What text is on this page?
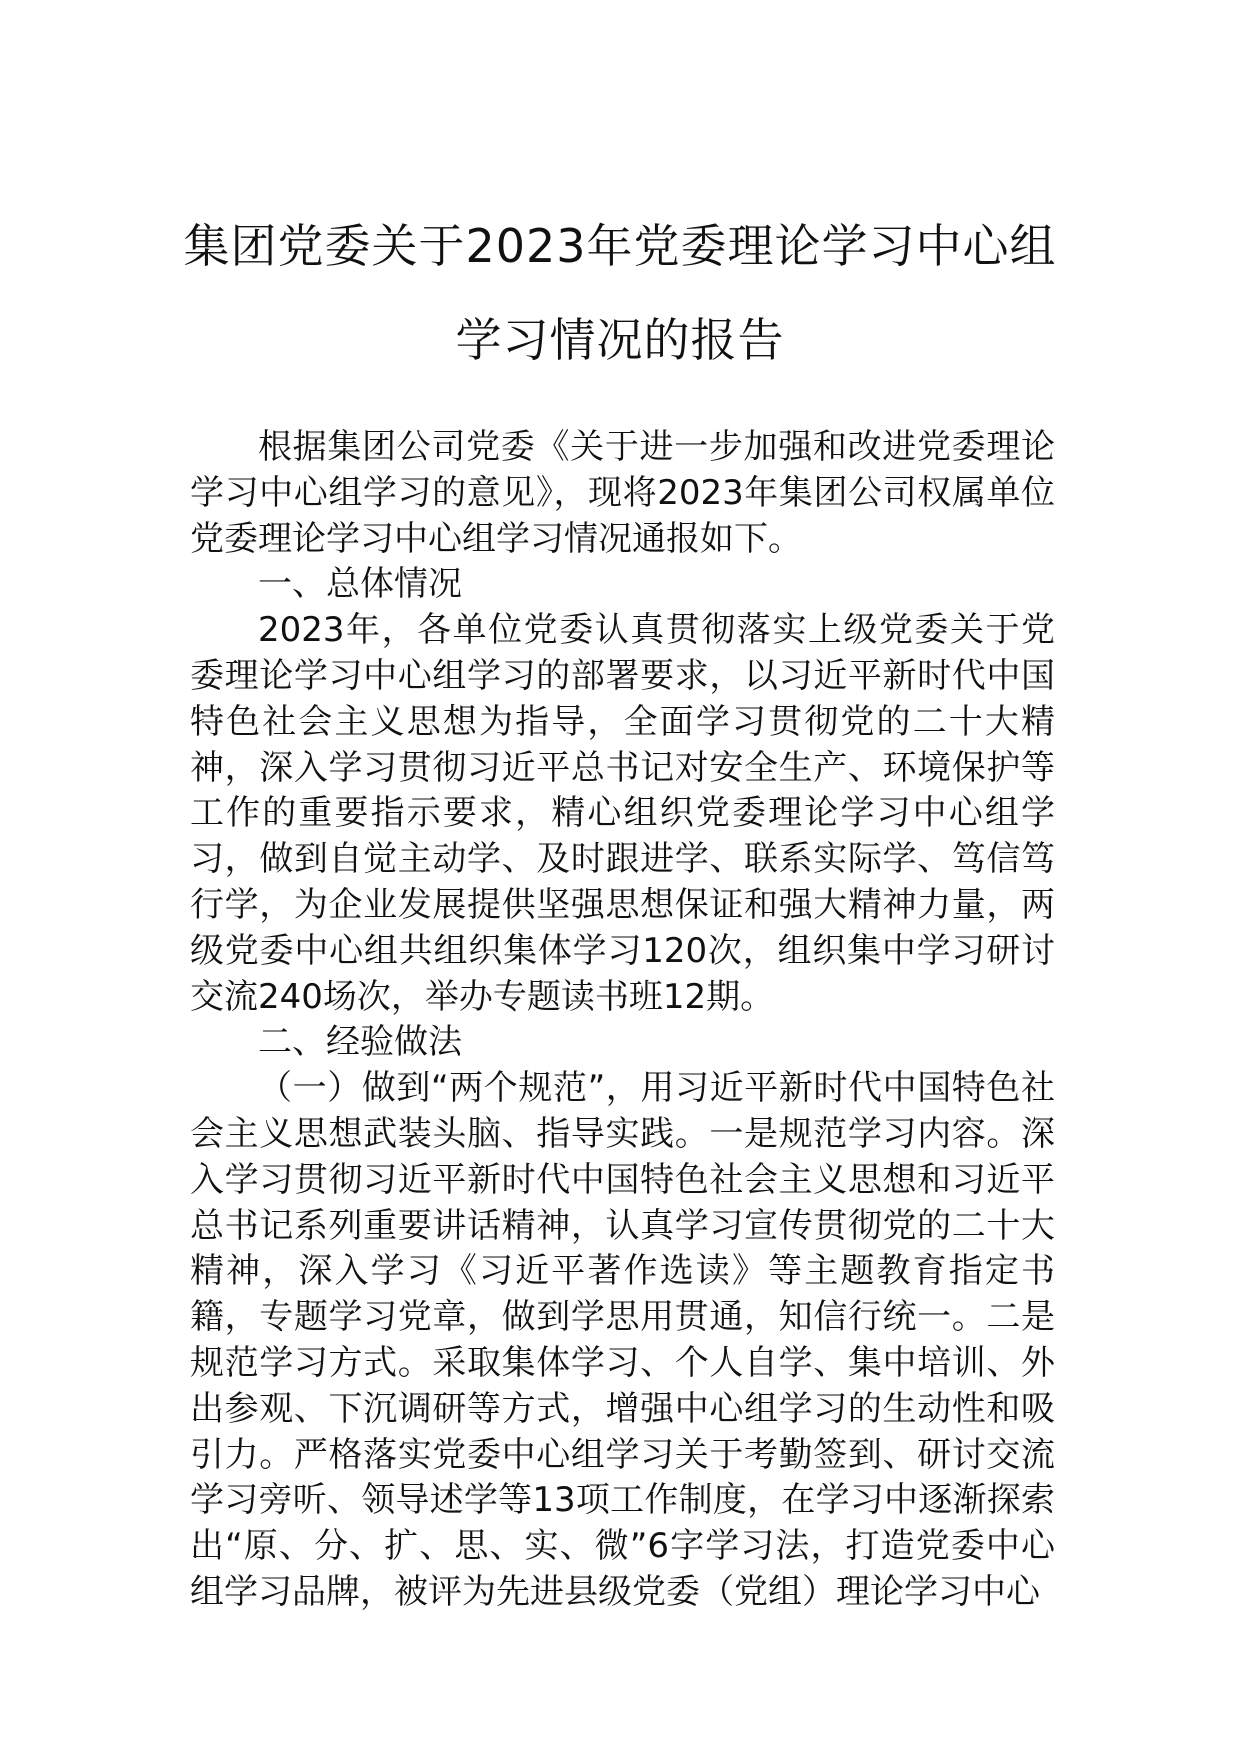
集团党委关于2023年党委理论学习中心组
学习情况的报告

根据集团公司党委《关于进一步加强和改进党委理论学习中心组学习的意见》，现将2023年集团公司权属单位党委理论学习中心组学习情况通报如下。

一、总体情况

2023年，各单位党委认真贯彻落实上级党委关于党委理论学习中心组学习的部署要求，以习近平新时代中国特色社会主义思想为指导，全面学习贯彻党的二十大精神，深入学习贯彻习近平总书记对安全生产、环境保护等工作的重要指示要求，精心组织党委理论学习中心组学习，做到自觉主动学、及时跟进学、联系实际学、笃信笃行学，为企业发展提供坚强思想保证和强大精神力量，两级党委中心组共组织集体学习120次，组织集中学习研讨交流240场次，举办专题读书班12期。

二、经验做法

（一）做到“两个规范”，用习近平新时代中国特色社会主义思想武装头脑、指导实践。一是规范学习内容。深入学习贯彻习近平新时代中国特色社会主义思想和习近平总书记系列重要讲话精神，认真学习宣传贯彻党的二十大精神，深入学习《习近平著作选读》等主题教育指定书籍，专题学习党章，做到学思用贯通，知信行统一。二是规范学习方式。采取集体学习、个人自学、集中培训、外出参观、下沉调研等方式，增强中心组学习的生动性和吸引力。严格落实党委中心组学习关于考勤签到、研讨交流学习旁听、领导述学等13项工作制度，在学习中逐渐探索出“原、分、扩、思、实、微”6字学习法，打造党委中心组学习品牌，被评为先进县级党委（党组）理论学习中心
